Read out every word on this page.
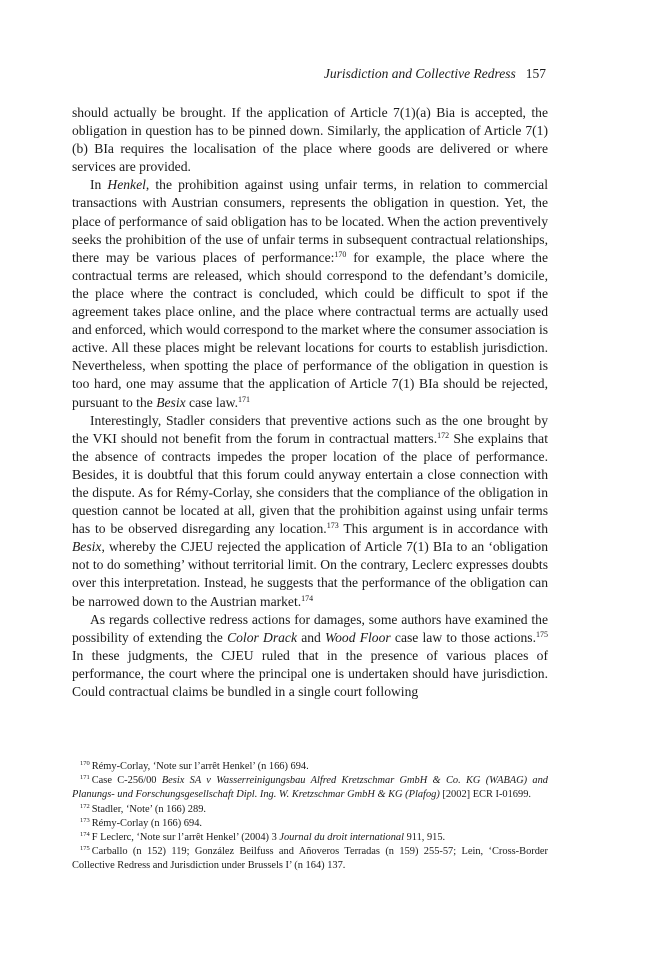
Jurisdiction and Collective Redress 157

should actually be brought. If the application of Article 7(1)(a) Bia is accepted, the obligation in question has to be pinned down. Similarly, the application of Article 7(1)(b) BIa requires the localisation of the place where goods are delivered or where services are provided.

In Henkel, the prohibition against using unfair terms, in relation to commercial transactions with Austrian consumers, represents the obligation in question. Yet, the place of performance of said obligation has to be located. When the action preventively seeks the prohibition of the use of unfair terms in subsequent contractual relationships, there may be various places of performance:$^{170}$ for example, the place where the contractual terms are released, which should correspond to the defendant’s domicile, the place where the contract is concluded, which could be difficult to spot if the agreement takes place online, and the place where contractual terms are actually used and enforced, which would correspond to the market where the consumer association is active. All these places might be relevant locations for courts to establish jurisdiction. Nevertheless, when spotting the place of performance of the obligation in question is too hard, one may assume that the application of Article 7(1) BIa should be rejected, pursuant to the Besix case law.$^{171}$

Interestingly, Stadler considers that preventive actions such as the one brought by the VKI should not benefit from the forum in contractual matters.$^{172}$ She explains that the absence of contracts impedes the proper location of the place of performance. Besides, it is doubtful that this forum could anyway entertain a close connection with the dispute. As for Rémy-Corlay, she considers that the compliance of the obligation in question cannot be located at all, given that the prohibition against using unfair terms has to be observed disregarding any location.$^{173}$ This argument is in accordance with Besix, whereby the CJEU rejected the application of Article 7(1) BIa to an ‘obligation not to do something’ without territorial limit. On the contrary, Leclerc expresses doubts over this interpretation. Instead, he suggests that the performance of the obligation can be narrowed down to the Austrian market.$^{174}$

As regards collective redress actions for damages, some authors have examined the possibility of extending the Color Drack and Wood Floor case law to those actions.$^{175}$ In these judgments, the CJEU ruled that in the presence of various places of performance, the court where the principal one is undertaken should have jurisdiction. Could contractual claims be bundled in a single court following

$^{170}$ Rémy-Corlay, ‘Note sur l’arrêt Henkel’ (n 166) 694.

$^{171}$ Case C-256/00 Besix SA v Wasserreinigungsbau Alfred Kretzschmar GmbH & Co. KG (WABAG) and Planungs- und Forschungsgesellschaft Dipl. Ing. W. Kretzschmar GmbH & KG (Plafog) [2002] ECR I-01699.

$^{172}$ Stadler, ‘Note’ (n 166) 289.

$^{173}$ Rémy-Corlay (n 166) 694.

$^{174}$ F Leclerc, ‘Note sur l’arrêt Henkel’ (2004) 3 Journal du droit international 911, 915.

$^{175}$ Carballo (n 152) 119; González Beilfuss and Añoveros Terradas (n 159) 255-57; Lein, ‘Cross-Border Collective Redress and Jurisdiction under Brussels I’ (n 164) 137.
